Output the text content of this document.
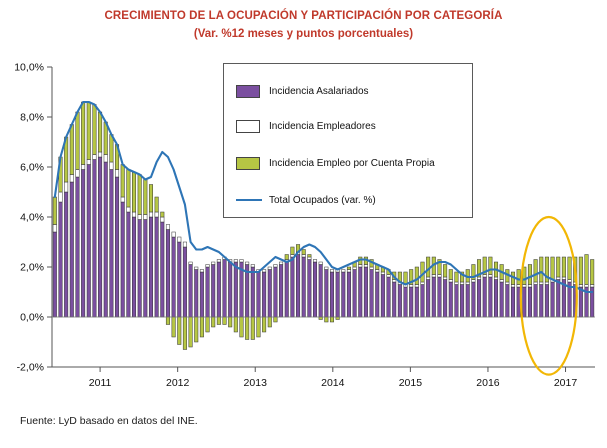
CRECIMIENTO DE LA OCUPACIÓN Y PARTICIPACIÓN POR CATEGORÍA
(Var. %12 meses y puntos porcentuales)
10,0%
8,0%
6,0%
4,0%
2,0%
0,0%
-2,0%
2011	2012	2013	2014	2015	2016	2017
Incidencia Asalariados
Incidencia Empleadores
Incidencia Empleo por Cuenta Propia
Total Ocupados (var. %)
Fuente: LyD basado en datos del INE.
